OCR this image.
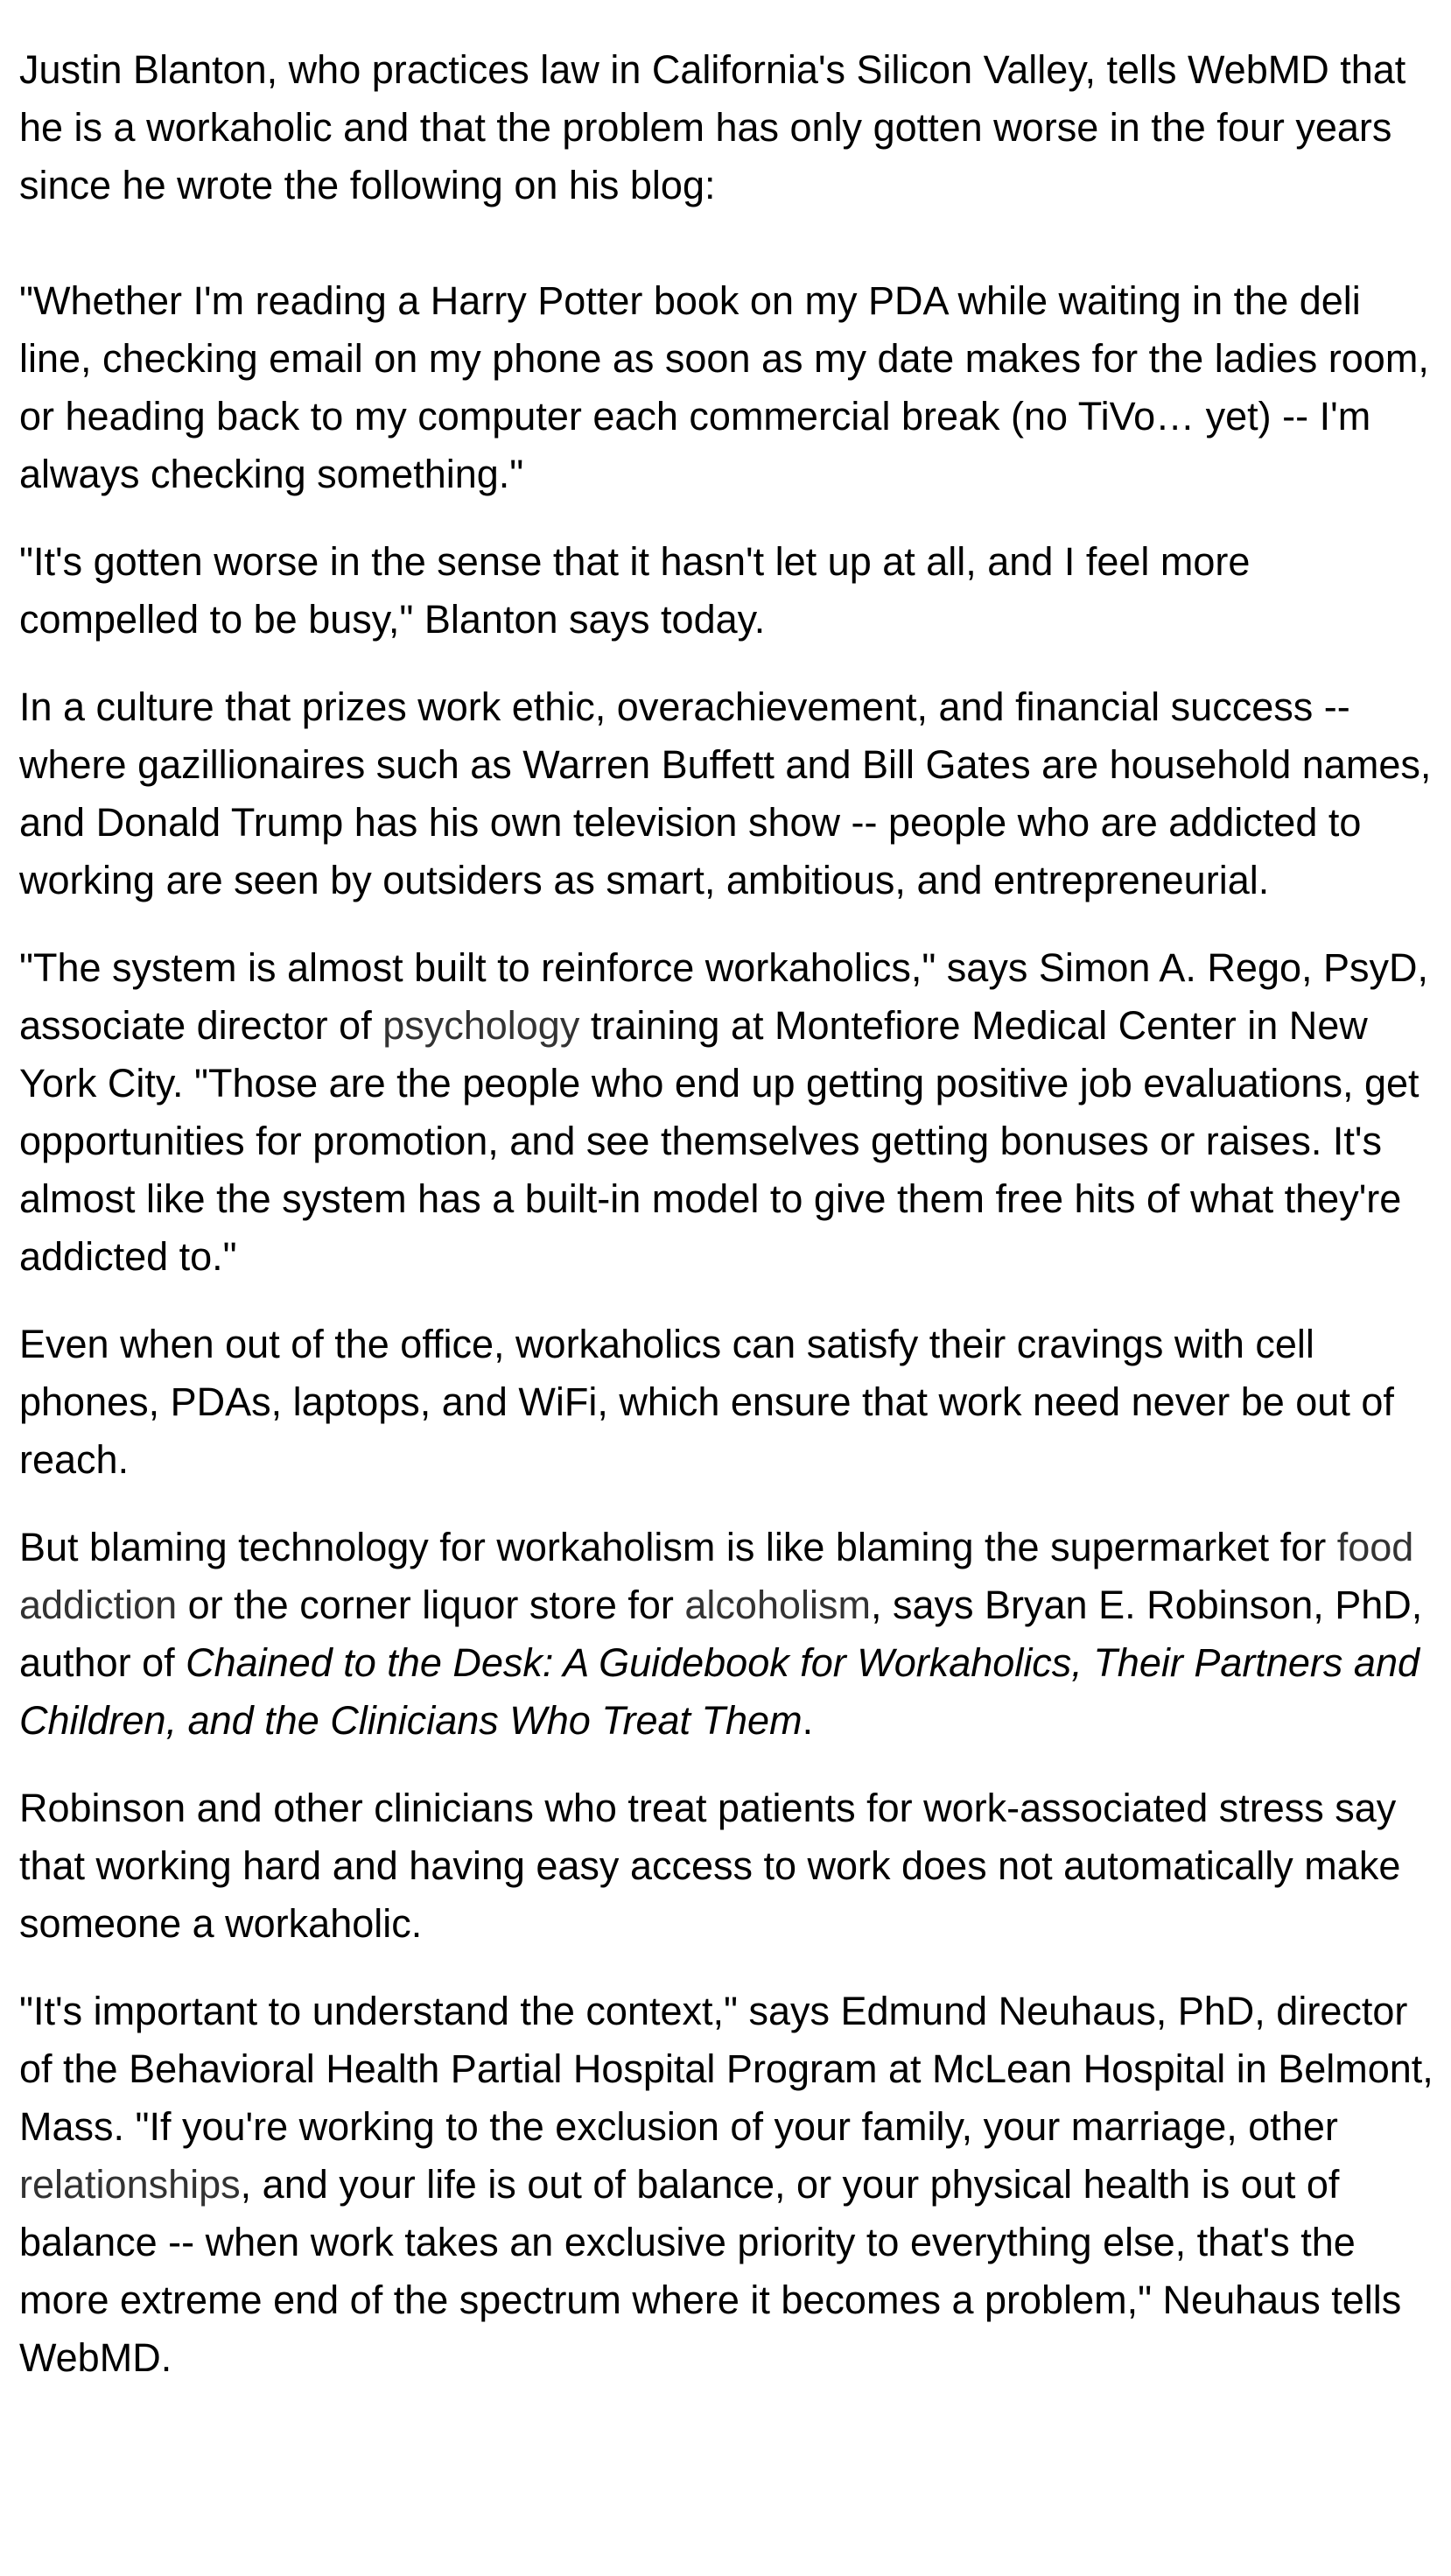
Justin Blanton, who practices law in California's Silicon Valley, tells WebMD that he is a workaholic and that the problem has only gotten worse in the four years since he wrote the following on his blog:

"Whether I'm reading a Harry Potter book on my PDA while waiting in the deli line, checking email on my phone as soon as my date makes for the ladies room, or heading back to my computer each commercial break (no TiVo… yet) -- I'm always checking something."

"It's gotten worse in the sense that it hasn't let up at all, and I feel more compelled to be busy," Blanton says today.

In a culture that prizes work ethic, overachievement, and financial success -- where gazillionaires such as Warren Buffett and Bill Gates are household names, and Donald Trump has his own television show -- people who are addicted to working are seen by outsiders as smart, ambitious, and entrepreneurial.

"The system is almost built to reinforce workaholics," says Simon A. Rego, PsyD, associate director of psychology training at Montefiore Medical Center in New York City. "Those are the people who end up getting positive job evaluations, get opportunities for promotion, and see themselves getting bonuses or raises. It's almost like the system has a built-in model to give them free hits of what they're addicted to."

Even when out of the office, workaholics can satisfy their cravings with cell phones, PDAs, laptops, and WiFi, which ensure that work need never be out of reach.

But blaming technology for workaholism is like blaming the supermarket for food addiction or the corner liquor store for alcoholism, says Bryan E. Robinson, PhD, author of Chained to the Desk: A Guidebook for Workaholics, Their Partners and Children, and the Clinicians Who Treat Them.

Robinson and other clinicians who treat patients for work-associated stress say that working hard and having easy access to work does not automatically make someone a workaholic.

"It's important to understand the context," says Edmund Neuhaus, PhD, director of the Behavioral Health Partial Hospital Program at McLean Hospital in Belmont, Mass. "If you're working to the exclusion of your family, your marriage, other relationships, and your life is out of balance, or your physical health is out of balance -- when work takes an exclusive priority to everything else, that's the more extreme end of the spectrum where it becomes a problem," Neuhaus tells WebMD.
